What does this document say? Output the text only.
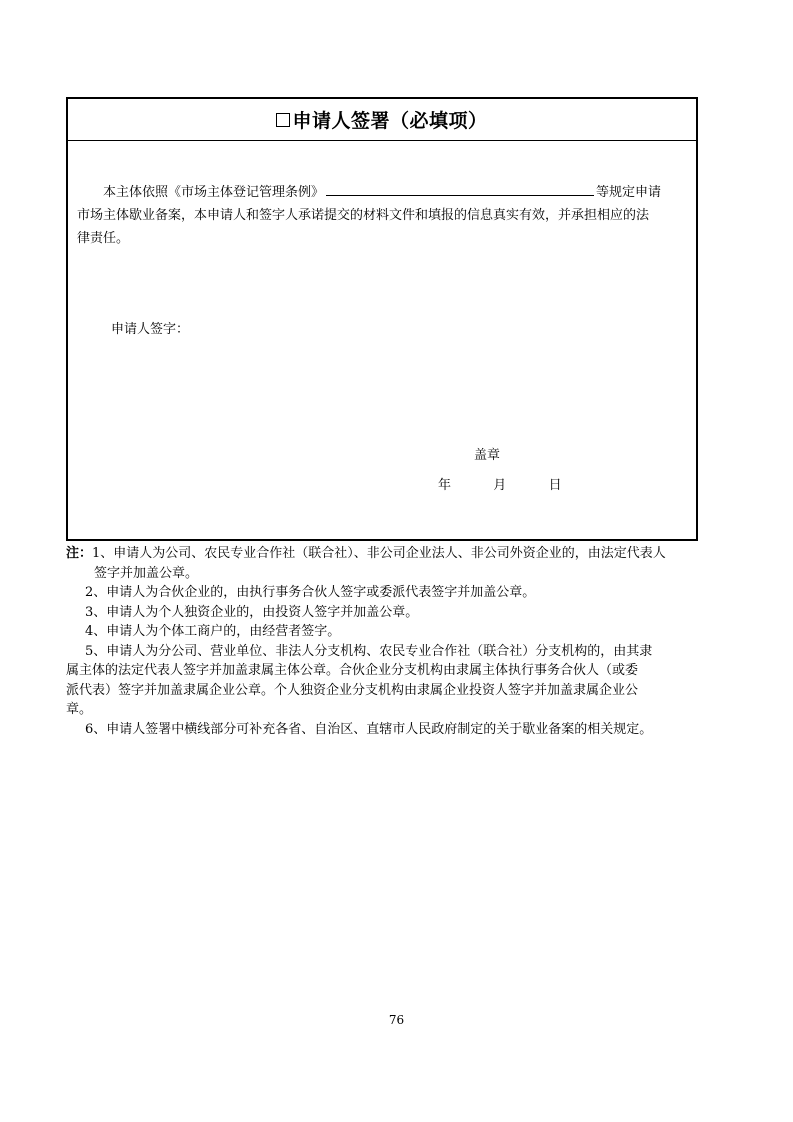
申请人签署（必填项）
本主体依照《市场主体登记管理条例》	等规定申请
市场主体歇业备案，本申请人和签字人承诺提交的材料文件和填报的信息真实有效，并承担相应的法
律责任。
申请人签字：
盖章
年	月	日
注：1、申请人为公司、农民专业合作社（联合社）、非公司企业法人、非公司外资企业的，由法定代表人
签字并加盖公章。
2、申请人为合伙企业的，由执行事务合伙人签字或委派代表签字并加盖公章。
3、申请人为个人独资企业的，由投资人签字并加盖公章。
4、申请人为个体工商户的，由经营者签字。
5、申请人为分公司、营业单位、非法人分支机构、农民专业合作社（联合社）分支机构的，由其隶
属主体的法定代表人签字并加盖隶属主体公章。合伙企业分支机构由隶属主体执行事务合伙人（或委
派代表）签字并加盖隶属企业公章。个人独资企业分支机构由隶属企业投资人签字并加盖隶属企业公
章。
6、申请人签署中横线部分可补充各省、自治区、直辖市人民政府制定的关于歇业备案的相关规定。
76
